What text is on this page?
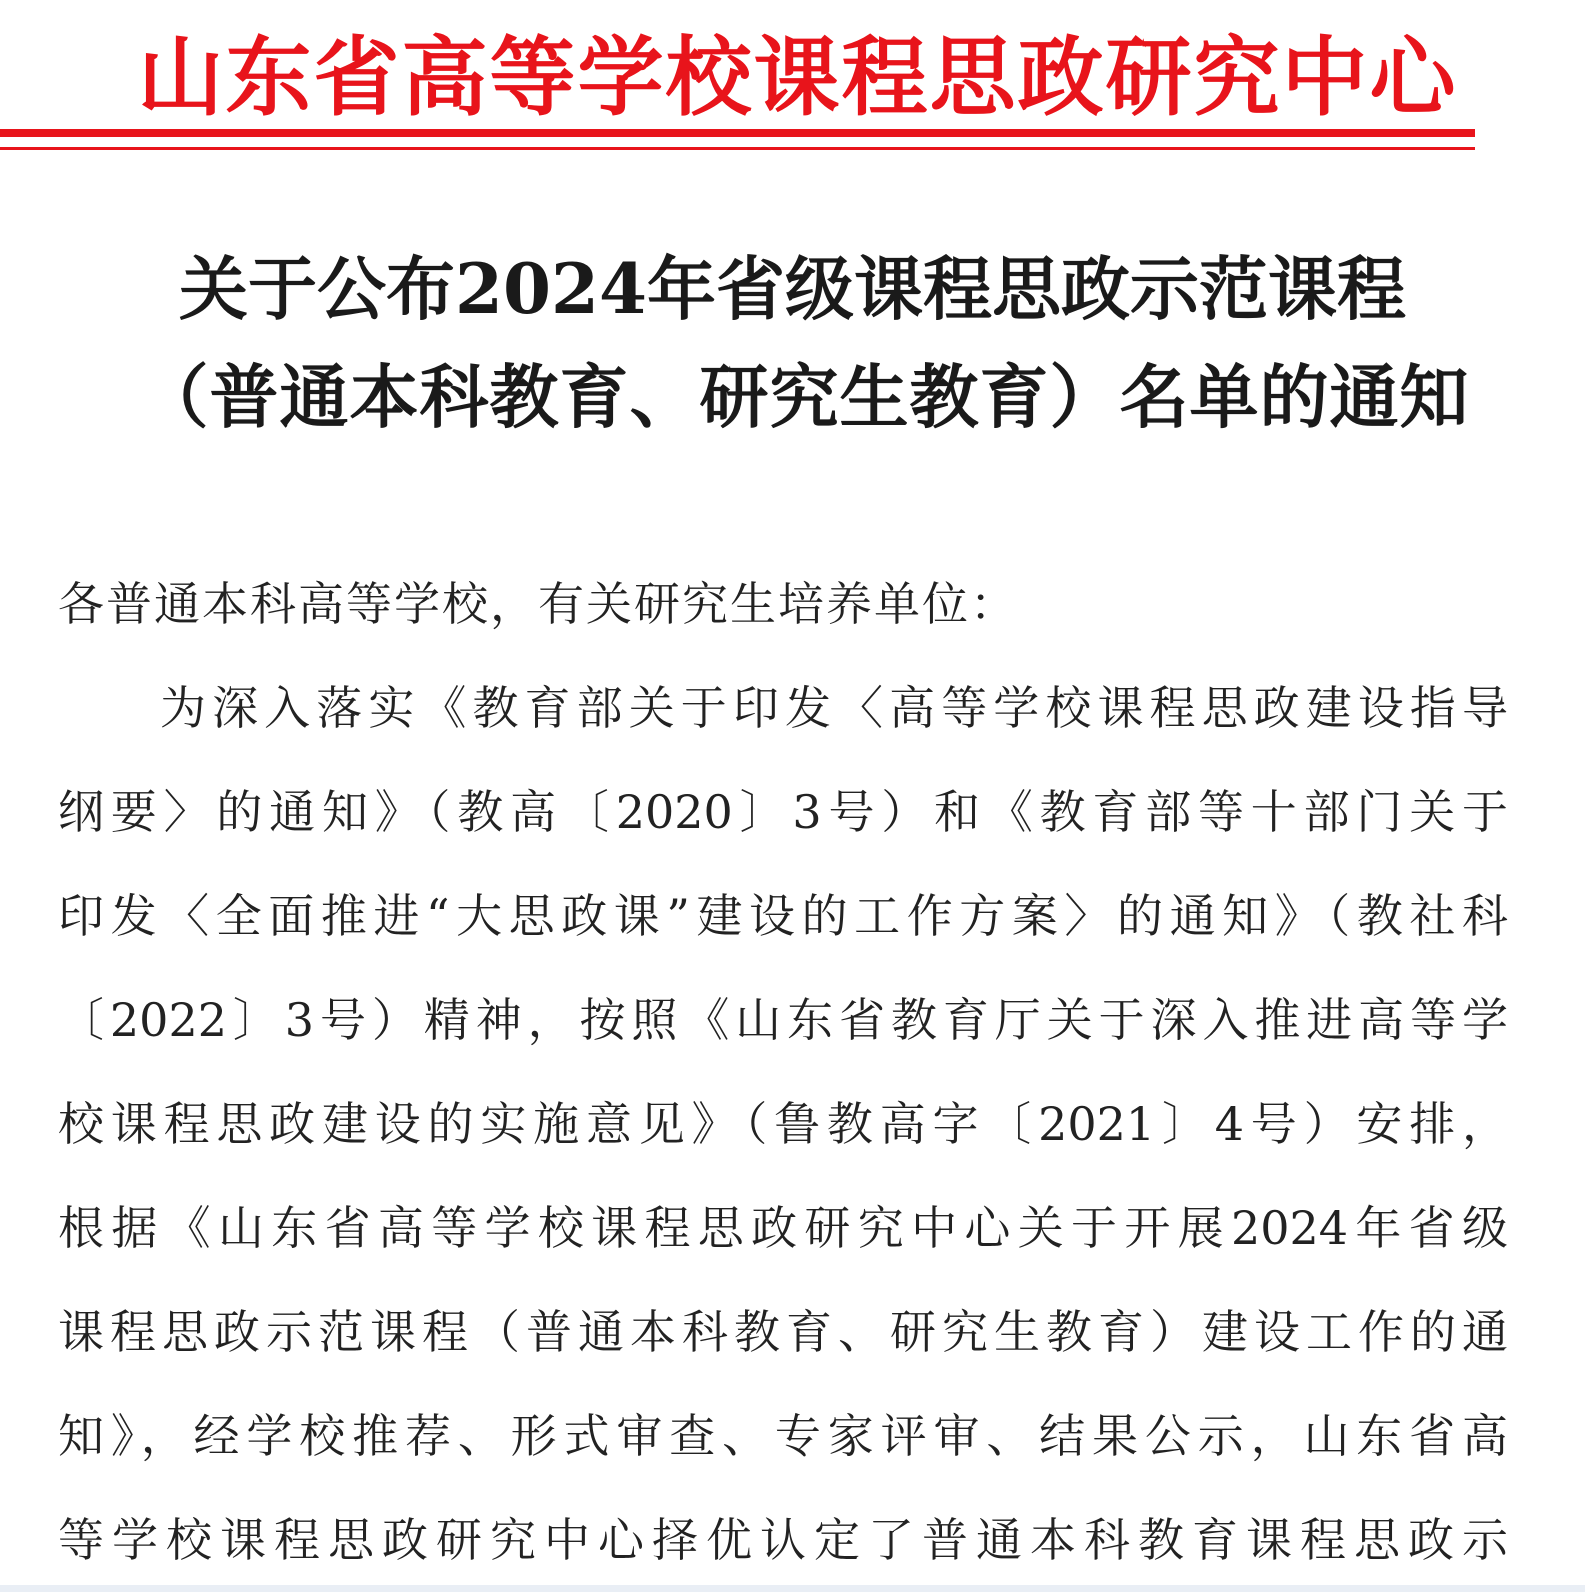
山东省高等学校课程思政研究中心
关于公布2024年省级课程思政示范课程
（普通本科教育、研究生教育）名单的通知
各普通本科高等学校，有关研究生培养单位：
为深入落实《教育部关于印发〈高等学校课程思政建设指导
纲要〉的通知》（教高〔2020〕3号）和《教育部等十部门关于
印发〈全面推进“大思政课”建设的工作方案〉的通知》（教社科
〔2022〕3号）精神，按照《山东省教育厅关于深入推进高等学
校课程思政建设的实施意见》（鲁教高字〔2021〕4号）安排，
根据《山东省高等学校课程思政研究中心关于开展2024年省级
课程思政示范课程（普通本科教育、研究生教育）建设工作的通
知》，经学校推荐、形式审查、专家评审、结果公示，山东省高
等学校课程思政研究中心择优认定了普通本科教育课程思政示
